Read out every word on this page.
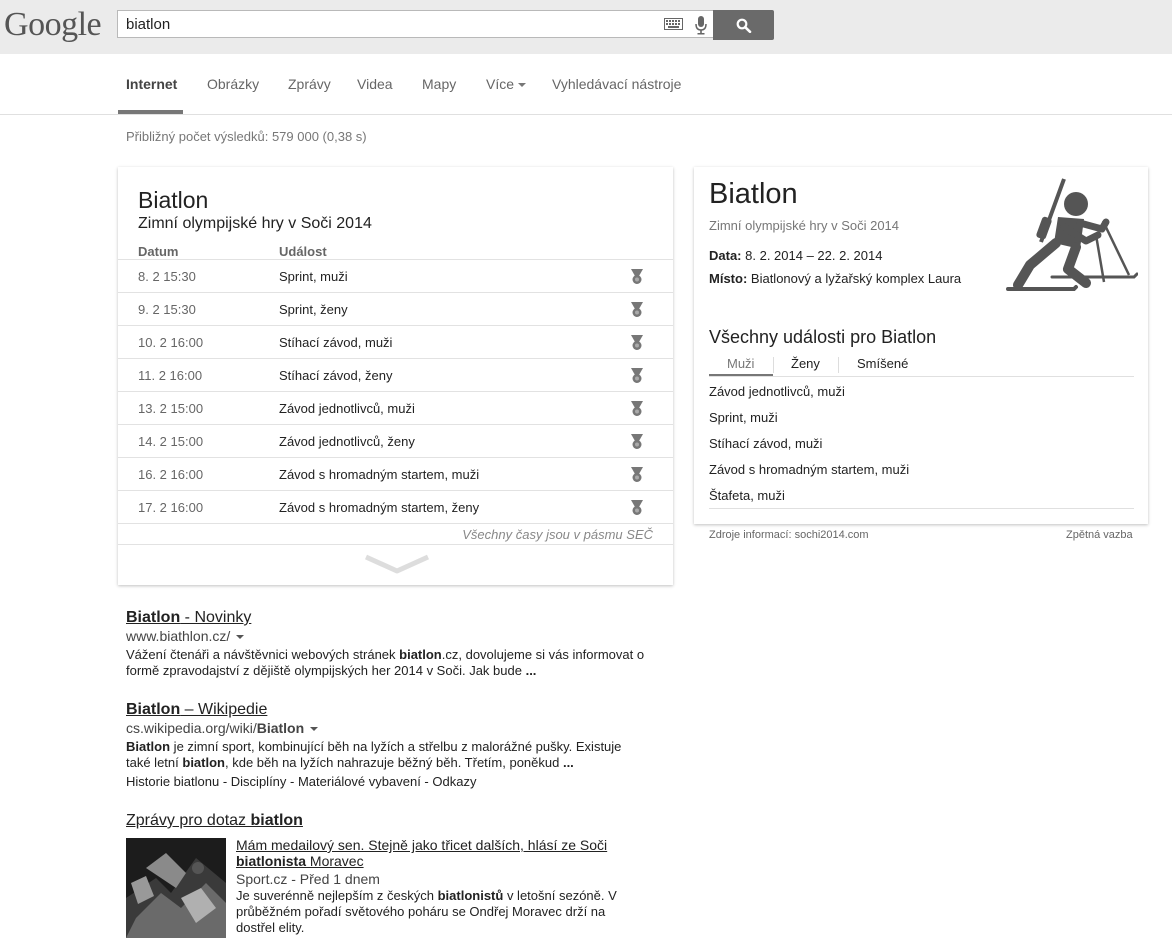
Google
biatlon
Internet Obrázky Zprávy Videa Mapy Více	Vyhledávací nástroje
Přibližný počet výsledků: 579 000 (0,38 s)
Biatlon
Zimní olympijské hry v Soči 2014
Datum	Událost
8. 2 15:30	Sprint, muži
9. 2 15:30	Sprint, ženy
10. 2 16:00	Stíhací závod, muži
11. 2 16:00	Stíhací závod, ženy
13. 2 15:00	Závod jednotlivců, muži
14. 2 15:00	Závod jednotlivců, ženy
16. 2 16:00	Závod s hromadným startem, muži
17. 2 16:00	Závod s hromadným startem, ženy
Všechny časy jsou v pásmu SEČ
Biatlon
Zimní olympijské hry v Soči 2014
Data: 8. 2. 2014 – 22. 2. 2014
Místo: Biatlonový a lyžařský komplex Laura
Všechny události pro Biatlon
Muži	Ženy	Smíšené
Závod jednotlivců, muži
Sprint, muži
Stíhací závod, muži
Závod s hromadným startem, muži
Štafeta, muži
Zdroje informací: sochi2014.com	Zpětná vazba
Biatlon - Novinky
www.biathlon.cz/
Vážení čtenáři a návštěvnici webových stránek biatlon.cz, dovolujeme si vás informovat o formě zpravodajství z dějiště olympijských her 2014 v Soči. Jak bude ...
Biatlon – Wikipedie
cs.wikipedia.org/wiki/Biatlon
Biatlon je zimní sport, kombinující běh na lyžích a střelbu z malorážné pušky. Existuje také letní biatlon, kde běh na lyžích nahrazuje běžný běh. Třetím, poněkud ...
Historie biatlonu - Disciplíny - Materiálové vybavení - Odkazy
Zprávy pro dotaz biatlon
Mám medailový sen. Stejně jako třicet dalších, hlásí ze Soči biatlonista Moravec
Sport.cz - Před 1 dnem
Je suverénně nejlepším z českých biatlonistů v letošní sezóně. V průběžném pořadí světového poháru se Ondřej Moravec drží na dostřel elity.
